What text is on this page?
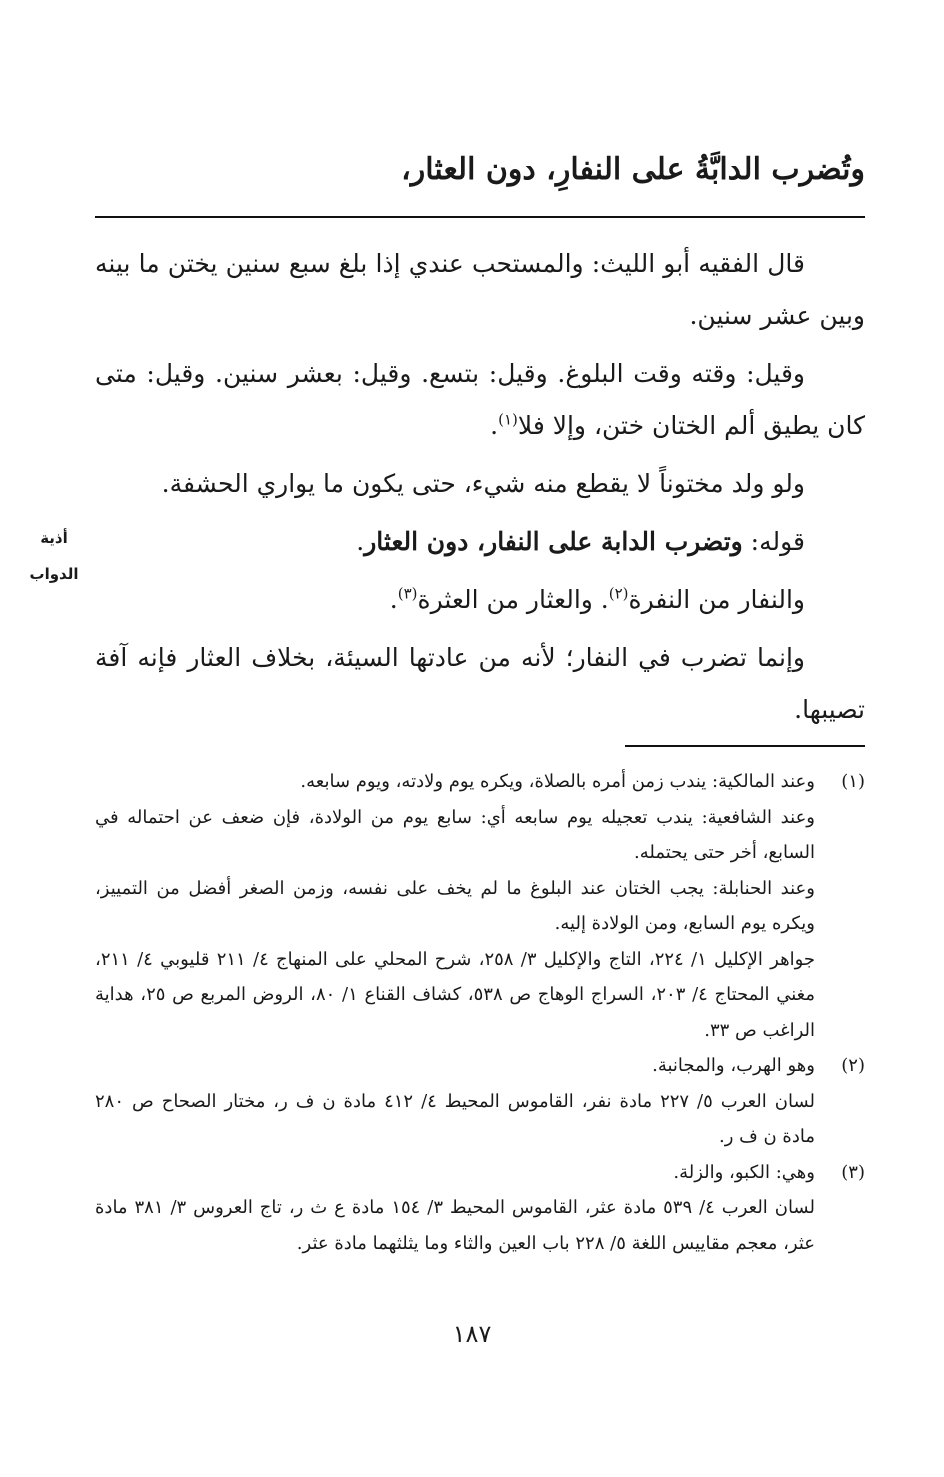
وتُضرب الدابَّةُ على النفارِ، دون العثار،

قال الفقيه أبو الليث: والمستحب عندي إذا بلغ سبع سنين يختن ما بينه وبين عشر سنين.

وقيل: وقته وقت البلوغ. وقيل: بتسع. وقيل: بعشر سنين. وقيل: متى كان يطيق ألم الختان ختن، وإلا فلا$^{(١)}$.

ولو ولد مختوناً لا يقطع منه شيء، حتى يكون ما يواري الحشفة.

قوله: وتضرب الدابة على النفار، دون العثار.

والنفار من النفرة$^{(٢)}$. والعثار من العثرة$^{(٣)}$.

وإنما تضرب في النفار؛ لأنه من عادتها السيئة، بخلاف العثار فإنه آفة تصيبها.

أذية
الدواب
(١)
وعند المالكية: يندب زمن أمره بالصلاة، ويكره يوم ولادته، ويوم سابعه.
وعند الشافعية: يندب تعجيله يوم سابعه أي: سابع يوم من الولادة، فإن ضعف عن احتماله في السابع، أخر حتى يحتمله.
وعند الحنابلة: يجب الختان عند البلوغ ما لم يخف على نفسه، وزمن الصغر أفضل من التمييز، ويكره يوم السابع، ومن الولادة إليه.
جواهر الإكليل ١/ ٢٢٤، التاج والإكليل ٣/ ٢٥٨، شرح المحلي على المنهاج ٤/ ٢١١ قليوبي ٤/ ٢١١، مغني المحتاج ٤/ ٢٠٣، السراج الوهاج ص ٥٣٨، كشاف القناع ١/ ٨٠، الروض المربع ص ٢٥، هداية الراغب ص ٣٣.
(٢)
وهو الهرب، والمجانبة.
لسان العرب ٥/ ٢٢٧ مادة نفر، القاموس المحيط ٤/ ٤١٢ مادة ن ف ر، مختار الصحاح ص ٢٨٠ مادة ن ف ر.
(٣)
وهي: الكبو، والزلة.
لسان العرب ٤/ ٥٣٩ مادة عثر، القاموس المحيط ٣/ ١٥٤ مادة ع ث ر، تاج العروس ٣/ ٣٨١ مادة عثر، معجم مقاييس اللغة ٥/ ٢٢٨ باب العين والثاء وما يثلثهما مادة عثر.
١٨٧
